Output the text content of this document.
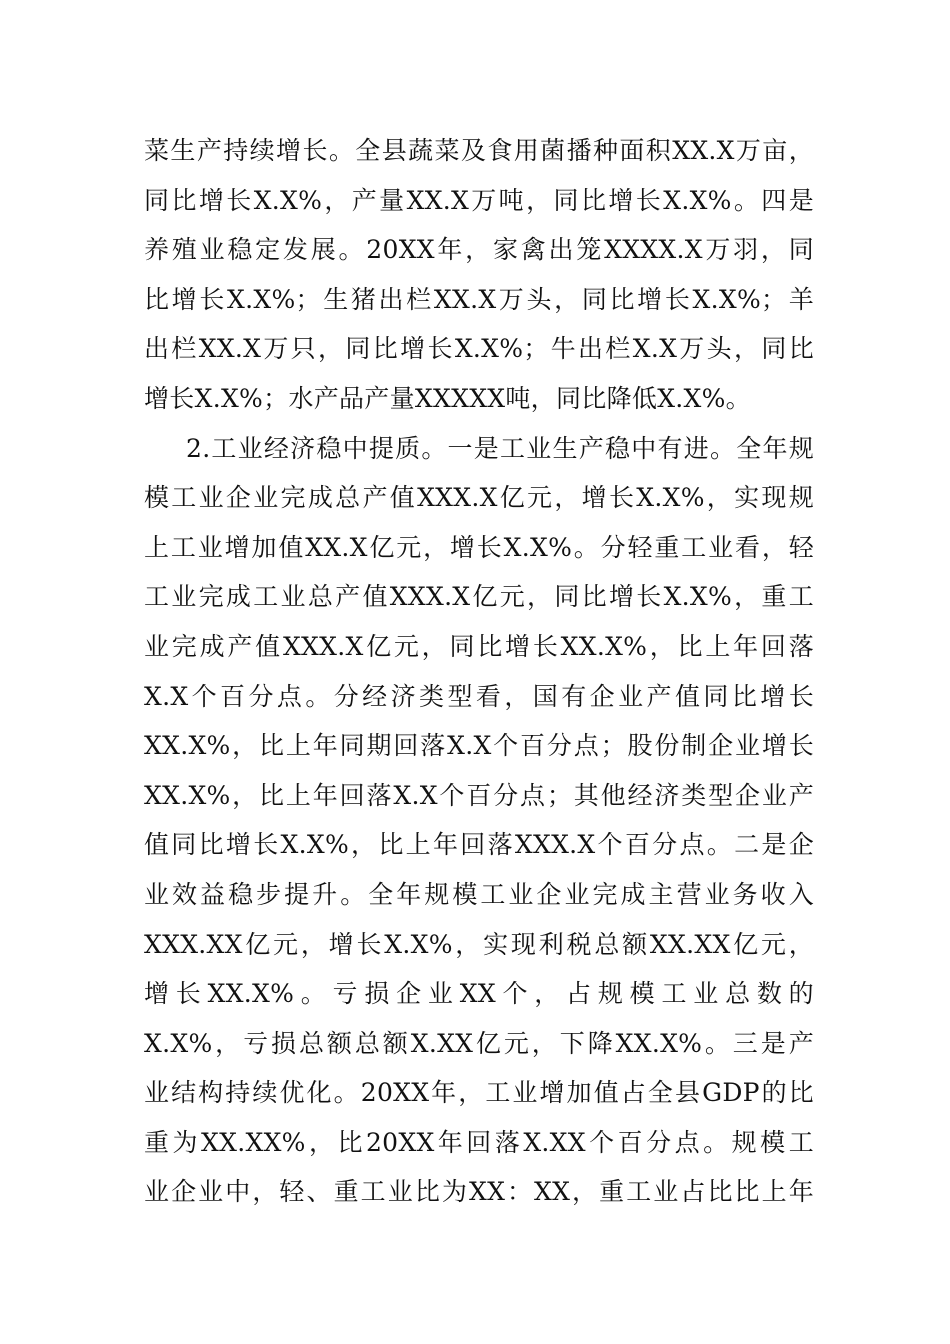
菜生产持续增长。全县蔬菜及食用菌播种面积XX.X万亩，
同比增长X.X%，产量XX.X万吨，同比增长X.X%。四是
养殖业稳定发展。20XX年，家禽出笼XXXX.X万羽，同
比增长X.X%；生猪出栏XX.X万头，同比增长X.X%；羊
出栏XX.X万只，同比增长X.X%；牛出栏X.X万头，同比
增长X.X%；水产品产量XXXXX吨，同比降低X.X%。
2.工业经济稳中提质。一是工业生产稳中有进。全年规
模工业企业完成总产值XXX.X亿元，增长X.X%，实现规
上工业增加值XX.X亿元，增长X.X%。分轻重工业看，轻
工业完成工业总产值XXX.X亿元，同比增长X.X%，重工
业完成产值XXX.X亿元，同比增长XX.X%，比上年回落
X.X个百分点。分经济类型看，国有企业产值同比增长
XX.X%，比上年同期回落X.X个百分点；股份制企业增长
XX.X%，比上年回落X.X个百分点；其他经济类型企业产
值同比增长X.X%，比上年回落XXX.X个百分点。二是企
业效益稳步提升。全年规模工业企业完成主营业务收入
XXX.XX亿元，增长X.X%，实现利税总额XX.XX亿元，
增长XX.X%。亏损企业XX个，占规模工业总数的
X.X%，亏损总额总额X.XX亿元，下降XX.X%。三是产
业结构持续优化。20XX年，工业增加值占全县GDP的比
重为XX.XX%，比20XX年回落X.XX个百分点。规模工
业企业中，轻、重工业比为XX：XX，重工业占比比上年
